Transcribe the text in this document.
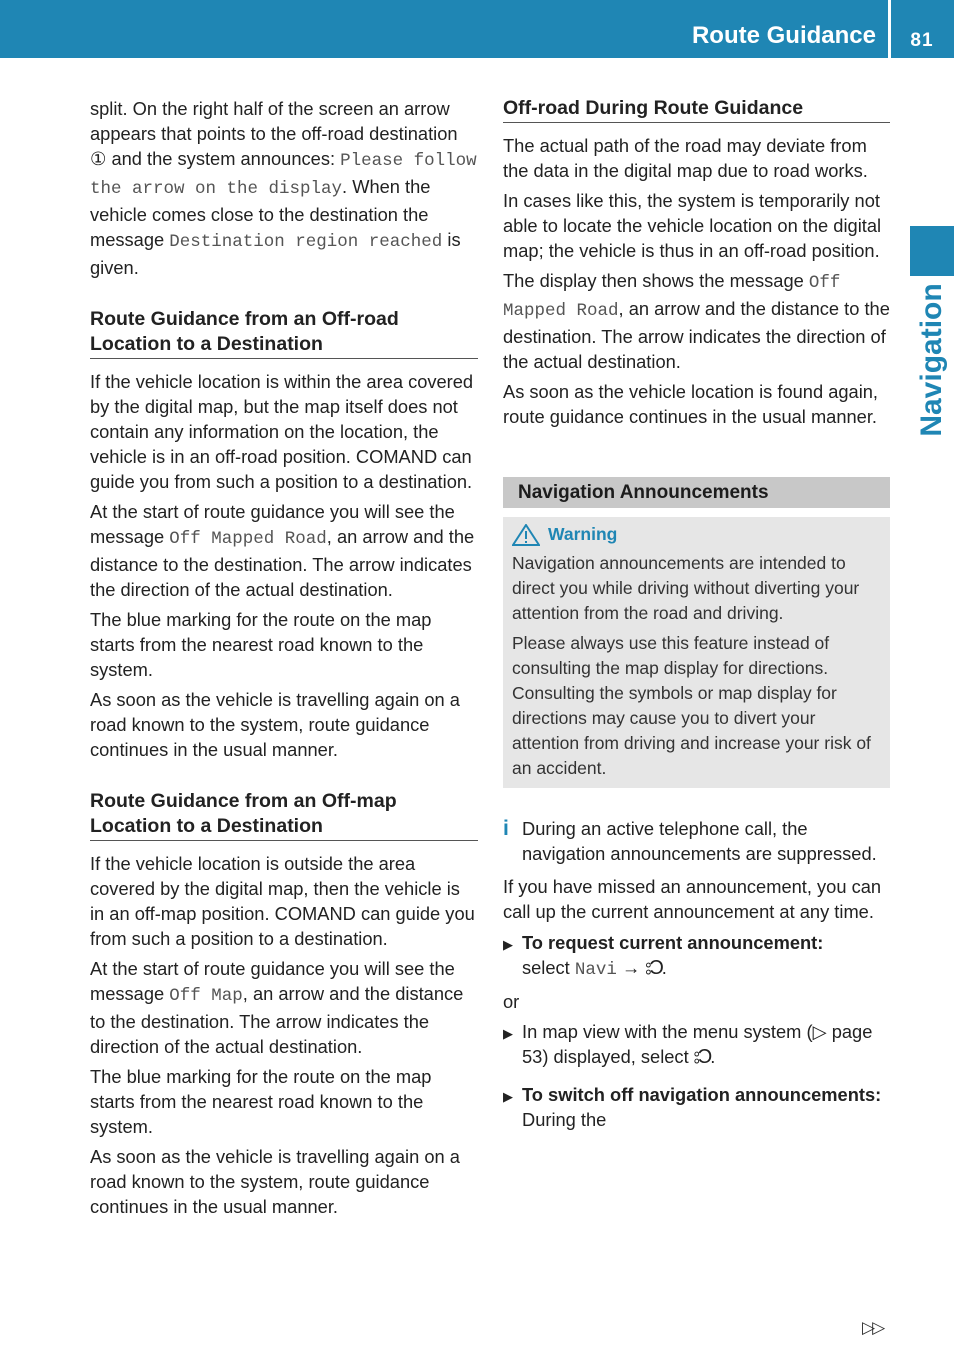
Route Guidance	81
Navigation

split. On the right half of the screen an arrow appears that points to the off-road destination ① and the system announces: Please follow the arrow on the display. When the vehicle comes close to the destination the message Destination region reached is given.

Route Guidance from an Off-road Location to a Destination

If the vehicle location is within the area covered by the digital map, but the map itself does not contain any information on the location, the vehicle is in an off-road position. COMAND can guide you from such a position to a destination.

At the start of route guidance you will see the message Off Mapped Road, an arrow and the distance to the destination. The arrow indicates the direction of the actual destination.

The blue marking for the route on the map starts from the nearest road known to the system.

As soon as the vehicle is travelling again on a road known to the system, route guidance continues in the usual manner.

Route Guidance from an Off-map Location to a Destination

If the vehicle location is outside the area covered by the digital map, then the vehicle is in an off-map position. COMAND can guide you from such a position to a destination.

At the start of route guidance you will see the message Off Map, an arrow and the distance to the destination. The arrow indicates the direction of the actual destination.

The blue marking for the route on the map starts from the nearest road known to the system.

As soon as the vehicle is travelling again on a road known to the system, route guidance continues in the usual manner.

Off-road During Route Guidance

The actual path of the road may deviate from the data in the digital map due to road works.

In cases like this, the system is temporarily not able to locate the vehicle location on the digital map; the vehicle is thus in an off-road position.

The display then shows the message Off Mapped Road, an arrow and the distance to the destination. The arrow indicates the direction of the actual destination.

As soon as the vehicle location is found again, route guidance continues in the usual manner.

Navigation Announcements
Warning

Navigation announcements are intended to direct you while driving without diverting your attention from the road and driving.

Please always use this feature instead of consulting the map display for directions. Consulting the symbols or map display for directions may cause you to divert your attention from driving and increase your risk of an accident.

i During an active telephone call, the navigation announcements are suppressed.

If you have missed an announcement, you can call up the current announcement at any time.

▶ To request current announcement:
select Navi → ⦂Ɔ.

or

▶ In map view with the menu system (▷ page 53) displayed, select ⦂Ɔ.
▶ To switch off navigation announcements: During the
▷▷
